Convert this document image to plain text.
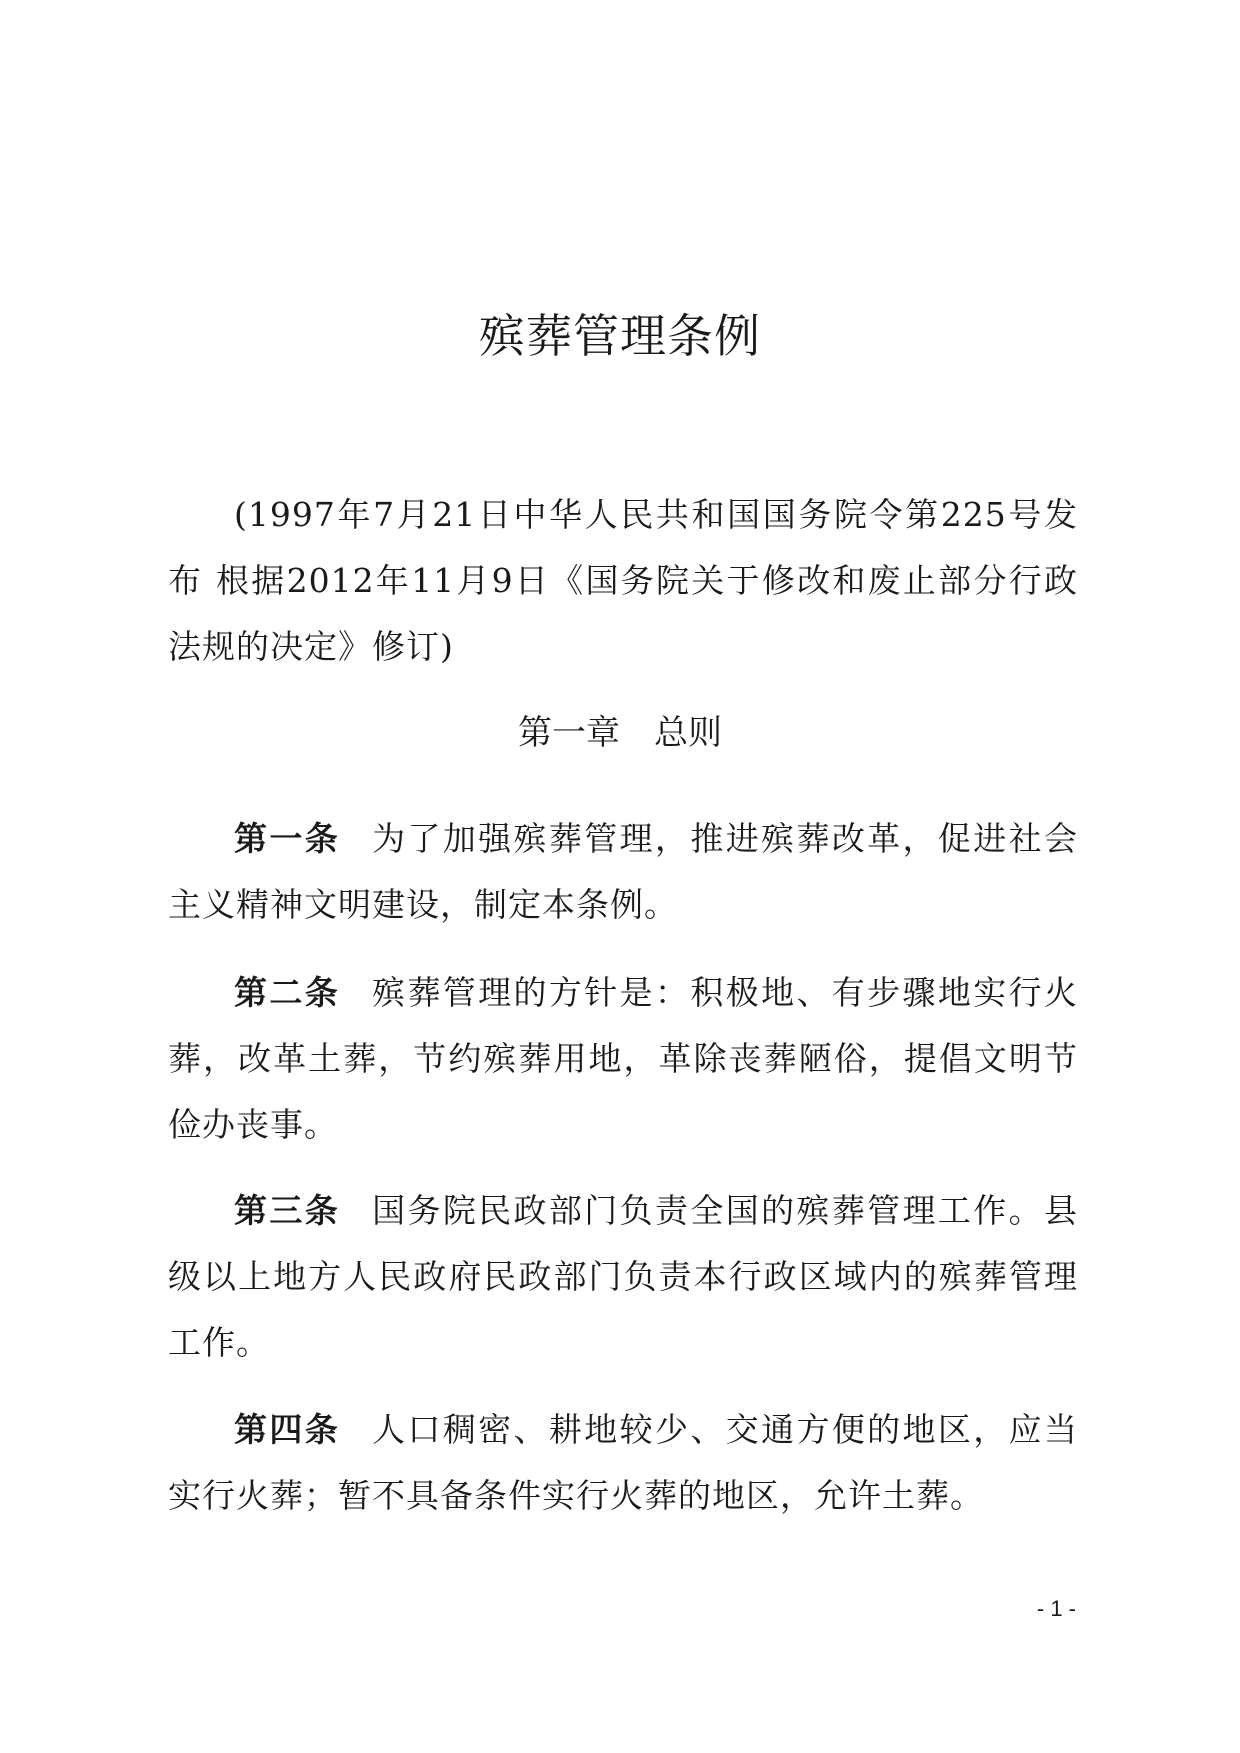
殡葬管理条例

(1997年7月21日中华人民共和国国务院令第225号发布 根据2012年11月9日《国务院关于修改和废止部分行政法规的决定》修订)

第一章 总则

第一条 为了加强殡葬管理，推进殡葬改革，促进社会主义精神文明建设，制定本条例。

第二条 殡葬管理的方针是：积极地、有步骤地实行火葬，改革土葬，节约殡葬用地，革除丧葬陋俗，提倡文明节俭办丧事。

第三条 国务院民政部门负责全国的殡葬管理工作。县级以上地方人民政府民政部门负责本行政区域内的殡葬管理工作。

第四条 人口稠密、耕地较少、交通方便的地区，应当实行火葬；暂不具备条件实行火葬的地区，允许土葬。

- 1 -
